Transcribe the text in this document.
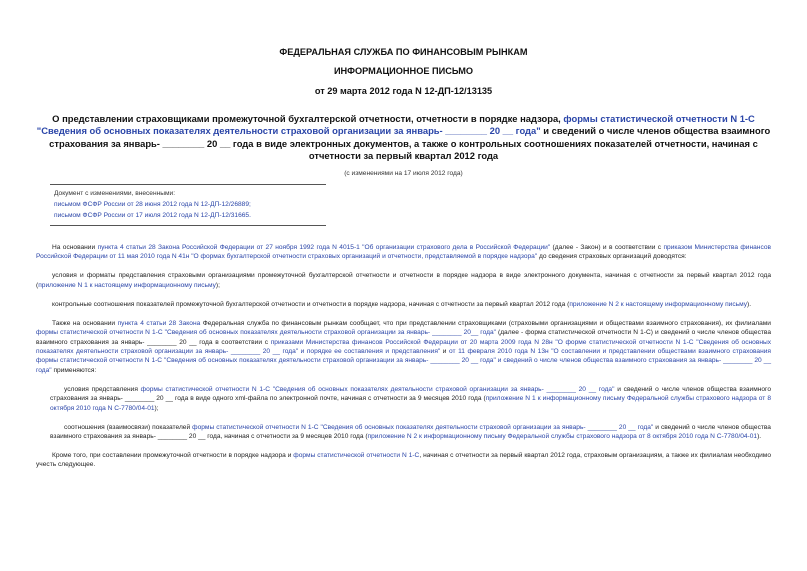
ФЕДЕРАЛЬНАЯ СЛУЖБА ПО ФИНАНСОВЫМ РЫНКАМ
ИНФОРМАЦИОННОЕ ПИСЬМО
от 29 марта 2012 года N 12-ДП-12/13135
О представлении страховщиками промежуточной бухгалтерской отчетности, отчетности в порядке надзора, формы статистической отчетности N 1-С "Сведения об основных показателях деятельности страховой организации за январь- ________ 20 __ года" и сведений о числе членов общества взаимного страхования за январь- ________ 20 __ года в виде электронных документов, а также о контрольных соотношениях показателей отчетности, начиная с отчетности за первый квартал 2012 года
(с изменениями на 17 июля 2012 года)
Документ с изменениями, внесенными:
письмом ФСФР России от 28 июня 2012 года N 12-ДП-12/26889;
письмом ФСФР России от 17 июля 2012 года N 12-ДП-12/31665.

На основании пункта 4 статьи 28 Закона Российской Федерации от 27 ноября 1992 года N 4015-1 "Об организации страхового дела в Российской Федерации" (далее - Закон) и в соответствии с приказом Министерства финансов Российской Федерации от 11 мая 2010 года N 41н "О формах бухгалтерской отчетности страховых организаций и отчетности, представляемой в порядке надзора" до сведения страховых организаций доводятся:

условия и форматы представления страховыми организациями промежуточной бухгалтерской отчетности и отчетности в порядке надзора в виде электронного документа, начиная с отчетности за первый квартал 2012 года (приложение N 1 к настоящему информационному письму);

контрольные соотношения показателей промежуточной бухгалтерской отчетности и отчетности в порядке надзора, начиная с отчетности за первый квартал 2012 года (приложение N 2 к настоящему информационному письму).

Также на основании пункта 4 статьи 28 Закона Федеральная служба по финансовым рынкам сообщает, что при представлении страховщиками (страховыми организациями и обществами взаимного страхования), их филиалами формы статистической отчетности N 1-С "Сведения об основных показателях деятельности страховой организации за январь- ________ 20__ года" (далее - форма статистической отчетности N 1-С) и сведений о числе членов общества взаимного страхования за январь- ________ 20 __ года в соответствии с приказами Министерства финансов Российской Федерации от 20 марта 2009 года N 28н "О форме статистической отчетности N 1-С "Сведения об основных показателях деятельности страховой организации за январь- ________ 20 __ года" и порядке ее составления и представления" и от 11 февраля 2010 года N 13н "О составлении и представлении обществами взаимного страхования формы статистической отчетности N 1-С "Сведения об основных показателях деятельности страховой организации за январь- ________ 20 __ года" и сведений о числе членов общества взаимного страхования за январь- ________ 20 __ года" применяются:

условия представления формы статистической отчетности N 1-С "Сведения об основных показателях деятельности страховой организации за январь- ________ 20 __ года" и сведений о числе членов общества взаимного страхования за январь- ________ 20 __ года в виде одного xml-файла по электронной почте, начиная с отчетности за 9 месяцев 2010 года (приложение N 1 к информационному письму Федеральной службы страхового надзора от 8 октября 2010 года N С-7780/04-01);

соотношения (взаимосвязи) показателей формы статистической отчетности N 1-С "Сведения об основных показателях деятельности страховой организации за январь- ________ 20 __ года" и сведений о числе членов общества взаимного страхования за январь- ________ 20 __ года, начиная с отчетности за 9 месяцев 2010 года (приложение N 2 к информационному письму Федеральной службы страхового надзора от 8 октября 2010 года N С-7780/04-01).

Кроме того, при составлении промежуточной отчетности в порядке надзора и формы статистической отчетности N 1-С, начиная с отчетности за первый квартал 2012 года, страховым организациям, а также их филиалам необходимо учесть следующее.
